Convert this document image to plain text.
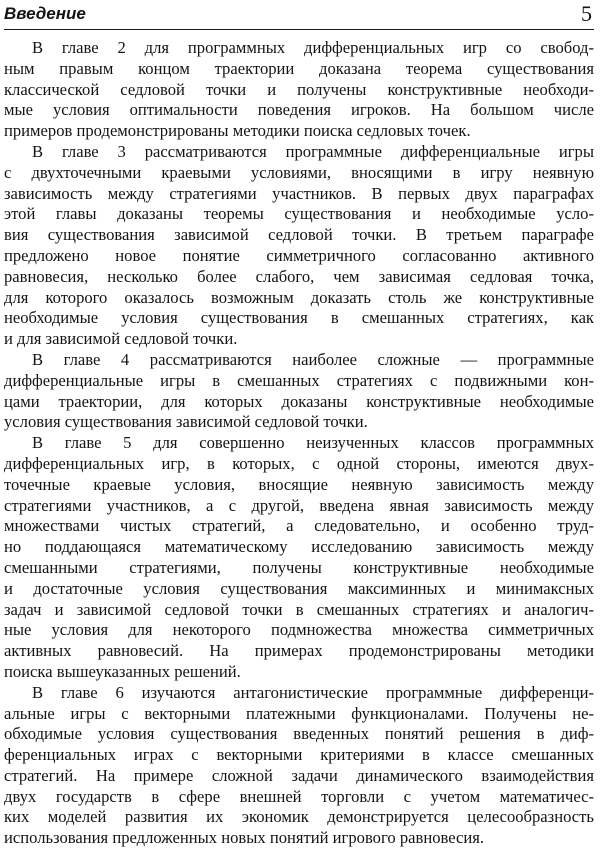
Введение	5
В главе 2 для программных дифференциальных игр со свобод-
ным правым концом траектории доказана теорема существования
классической седловой точки и получены конструктивные необходи-
мые условия оптимальности поведения игроков. На большом числе
примеров продемонстрированы методики поиска седловых точек.
В главе 3 рассматриваются программные дифференциальные игры
с двухточечными краевыми условиями, вносящими в игру неявную
зависимость между стратегиями участников. В первых двух параграфах
этой главы доказаны теоремы существования и необходимые усло-
вия существования зависимой седловой точки. В третьем параграфе
предложено новое понятие симметричного согласованно активного
равновесия, несколько более слабого, чем зависимая седловая точка,
для которого оказалось возможным доказать столь же конструктивные
необходимые условия существования в смешанных стратегиях, как
и для зависимой седловой точки.
В главе 4 рассматриваются наиболее сложные — программные
дифференциальные игры в смешанных стратегиях с подвижными кон-
цами траектории, для которых доказаны конструктивные необходимые
условия существования зависимой седловой точки.
В главе 5 для совершенно неизученных классов программных
дифференциальных игр, в которых, с одной стороны, имеются двух-
точечные краевые условия, вносящие неявную зависимость между
стратегиями участников, а с другой, введена явная зависимость между
множествами чистых стратегий, а следовательно, и особенно труд-
но поддающаяся математическому исследованию зависимость между
смешанными стратегиями, получены конструктивные необходимые
и достаточные условия существования максиминных и минимаксных
задач и зависимой седловой точки в смешанных стратегиях и аналогич-
ные условия для некоторого подмножества множества симметричных
активных равновесий. На примерах продемонстрированы методики
поиска вышеуказанных решений.
В главе 6 изучаются антагонистические программные дифференци-
альные игры с векторными платежными функционалами. Получены не-
обходимые условия существования введенных понятий решения в диф-
ференциальных играх с векторными критериями в классе смешанных
стратегий. На примере сложной задачи динамического взаимодействия
двух государств в сфере внешней торговли с учетом математичес-
ких моделей развития их экономик демонстрируется целесообразность
использования предложенных новых понятий игрового равновесия.
